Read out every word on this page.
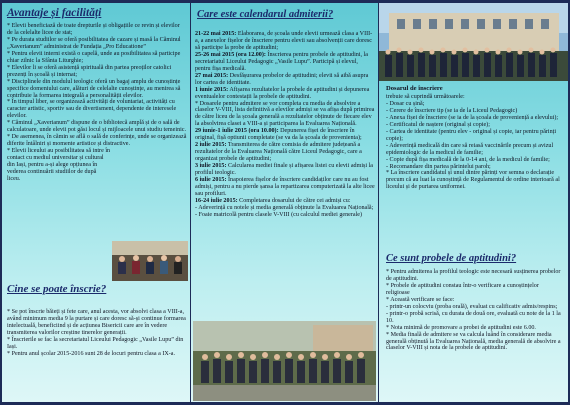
Avantaje și facilități

* Elevii beneficiază de toate drepturile și obligațiile ce revin și elevilor de la celelalte licee de stat;

* Pe durata studiilor se oferă posibilitatea de cazare și masă la Căminul „Xaverianum” administrat de Fundația „Pro Educatione”

* Pentru elevii interni există o capelă, unde au posibilitatea să participe chiar zilnic la Sfânta Liturghie;

* Elevilor li se oferă asistență spirituală din partea preoților catolici prezenți în școală și internat;

* Disciplinele din modulul teologic oferă un bagaj amplu de cunoștințe specifice domeniului care, alături de celelalte cunoștințe, au menirea să contribuie la formarea integrală a personalității elevilor.

* În timpul liber, se organizează activități de voluntariat, activități cu caracter artistic, sportiv sau de divertisment, dependente de interesele elevilor.

* Căminul „Xaverianum” dispune de o bibliotecă amplă și de o sală de calculatoare, unde elevii pot găsi locul și mijloacele unui studiu temeinic.

* De asemenea, în cămin se află o sală de conferințe, unde se organizează diferite întâlniri și momente artistice și distractive.

* Elevii liceului au posibilitatea să intre în contact cu mediul universitar și cultural din Iași, pentru a-și alege opțiunea în vederea continuării studiilor de după liceu.

Cine se poate înscrie?

* Se pot înscrie băieți și fete care, anul acesta, vor absolvi clasa a VIII-a, având minimum media 9 la purtare și care doresc să-și continue formarea intelectuală, beneficiind și de acțiunea Bisericii care are în vedere transmiterea valorilor creștine tinerelor generații.

* Înscrierile se fac la secretariatul Liceului Pedagogic „Vasile Lupu” din Iași.

* Pentru anul școlar 2015-2016 sunt 28 de locuri pentru clasa a IX-a.

Care este calendarul admiterii?

21-22 mai 2015: Elaborarea, de școala unde elevii urmează clasa a VIII-a, a anexelor fișelor de înscriere pentru elevii sau absolvenții care doresc să participe la probe de aptitudini;

25-26 mai 2015 (ora 12.00): Înscrierea pentru probele de aptitudini, la secretariatul Liceului Pedagogic „Vasile Lupu”. Participă și elevul, pentru fișa medicală.

27 mai 2015: Desfășurarea probelor de aptitudini; elevii să aibă asupra lor cartea de identitate.

1 iunie 2015: Afișarea rezultatelor la probele de aptitudini și depunerea eventualelor contestații la probele de aptitudini.

* Dosarele pentru admitere se vor completa cu media de absolvire a claselor V-VIII, lista definitivă a elevilor admiși se va afișa după primirea de către liceu de la școala generală a rezultatelor obținute de fiecare elev la absolvirea clasei a VIII-a și participarea la Evaluarea Națională.

29 iunie-1 iulie 2015 (ora 10.00): Depunerea fișei de înscriere în original, fișă optiunii completate (se va da la școala de provenienta);

2 iulie 2015: Transmiterea de către comisia de admitere județeană a rezultatelor de la Evaluarea Națională către Liceul Pedagogic, care a organizat probele de aptitudini;

3 iulie 2015: Calcularea mediei finale și afișarea listei cu elevii admiși la profilul teologic.

6 iulie 2015: Înapoierea fișelor de înscriere candidaților care nu au fost admiși, pentru a nu pierde șansa la repartizarea computerizată la alte licee sau profiluri.

16-24 iulie 2015: Completarea dosarului de către cei admiși cu:

- Adeverință cu notele și media generală obținute la Evaluarea Națională;

- Foaie matricolă pentru clasele V-VIII (cu calculul mediei generale)

Dosarul de înscriere

trebuie să cuprindă următoarele:

- Dosar cu șină;

- Cerere de înscriere tip (se ia de la Liceul Pedagogic)

- Anexa fișei de înscriere (se ia de la școala de proveniență a elevului);

- Certificatul de naștere (original și copie);

- Cartea de identitate (pentru elev - original și copie, iar pentru părinți copie);

- Adeverință medicală din care să reiasă vaccinările precum și avizul epidemiologic de la medicul de familie;

- Copie după fișa medicală de la 0-14 ani, de la medicul de familie;

- Recomandare din partea părintelui paroh;

* La înscriere candidatul și unul dintre părinți vor semna o declarație precum că au luat la cunoștință de Regulamentul de ordine interioară al liceului și de purtarea uniformei.

Ce sunt probele de aptitudini?

* Pentru admiterea la profilul teologic este necesară susținerea probelor de aptitudini.

* Probele de aptitudini constau într-o verificare a cunoștințelor religioase

* Această verificare se face:

- printr-un colocviu (proba orală), evaluat cu calificativ admis/respins;

- printr-o probă scrisă, cu durata de două ore, evaluată cu note de la 1 la 10.

* Nota minimă de promovare a probei de aptitudini este 6.00.

* Media finală de admitere se va calcula luând în considerare media generală obținută la Evaluarea Națională, media generală de absolvire a claselor V-VIII și nota de la probele de aptitudini.
